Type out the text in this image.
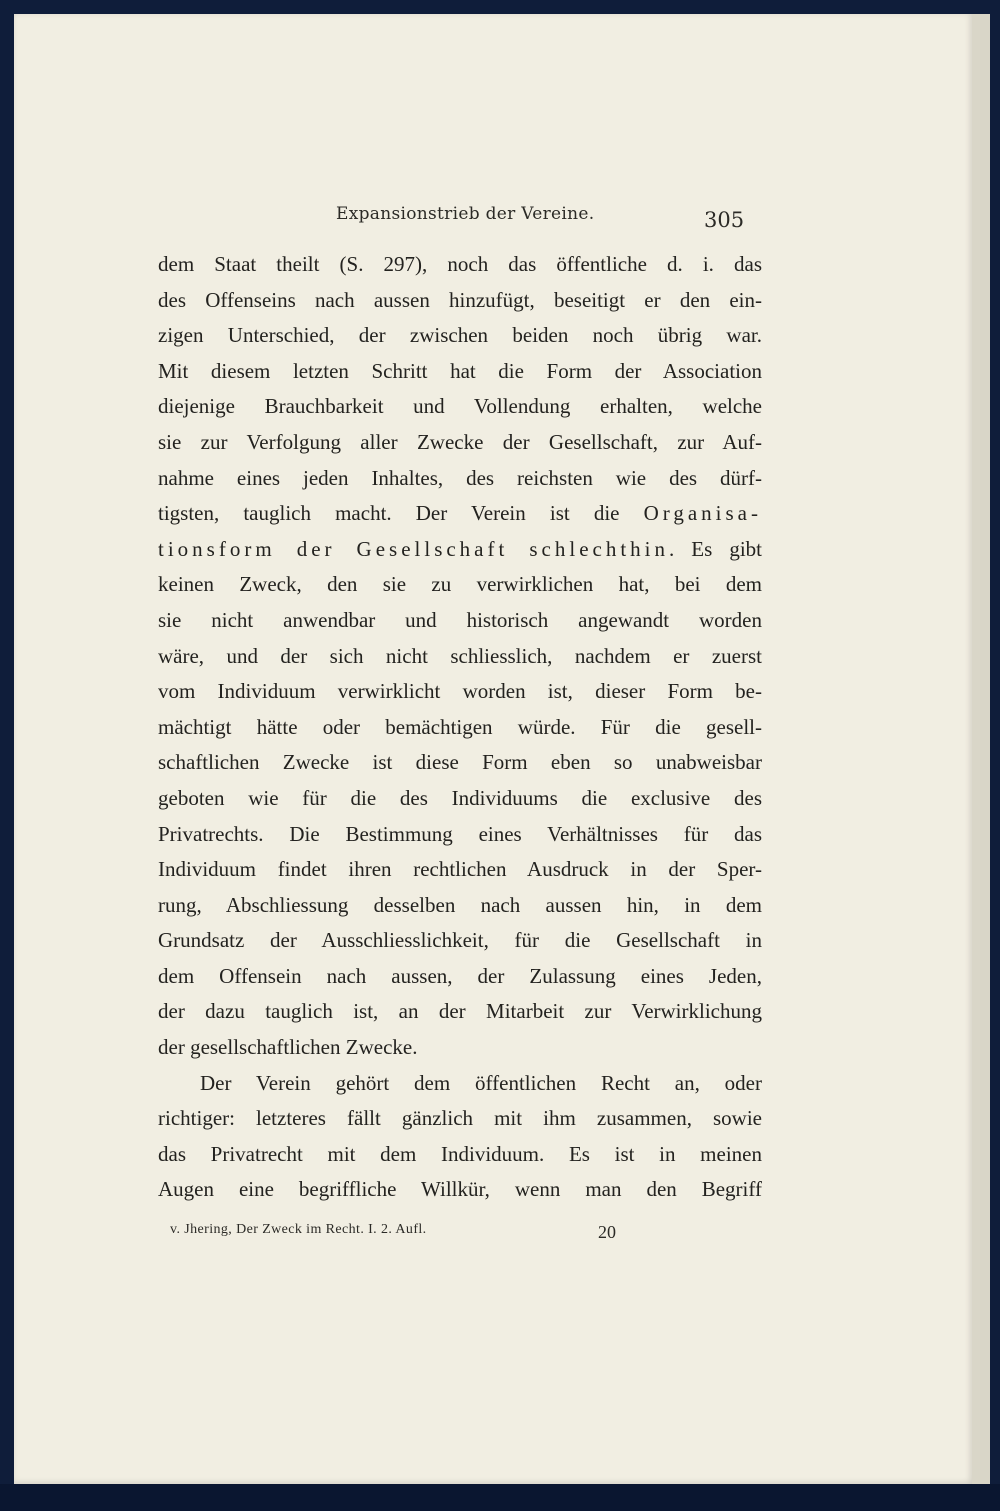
Expansionstrieb der Vereine.	305
dem Staat theilt (S. 297), noch das öffentliche d. i. das
des Offenseins nach aussen hinzufügt, beseitigt er den ein-
zigen Unterschied, der zwischen beiden noch übrig war.
Mit diesem letzten Schritt hat die Form der Association
diejenige Brauchbarkeit und Vollendung erhalten, welche
sie zur Verfolgung aller Zwecke der Gesellschaft, zur Auf-
nahme eines jeden Inhaltes, des reichsten wie des dürf-
tigsten, tauglich macht. Der Verein ist die Organisa-
tionsform der Gesellschaft schlechthin. Es gibt
keinen Zweck, den sie zu verwirklichen hat, bei dem
sie nicht anwendbar und historisch angewandt worden
wäre, und der sich nicht schliesslich, nachdem er zuerst
vom Individuum verwirklicht worden ist, dieser Form be-
mächtigt hätte oder bemächtigen würde. Für die gesell-
schaftlichen Zwecke ist diese Form eben so unabweisbar
geboten wie für die des Individuums die exclusive des
Privatrechts. Die Bestimmung eines Verhältnisses für das
Individuum findet ihren rechtlichen Ausdruck in der Sper-
rung, Abschliessung desselben nach aussen hin, in dem
Grundsatz der Ausschliesslichkeit, für die Gesellschaft in
dem Offensein nach aussen, der Zulassung eines Jeden,
der dazu tauglich ist, an der Mitarbeit zur Verwirklichung
der gesellschaftlichen Zwecke.
Der Verein gehört dem öffentlichen Recht an, oder
richtiger: letzteres fällt gänzlich mit ihm zusammen, sowie
das Privatrecht mit dem Individuum. Es ist in meinen
Augen eine begriffliche Willkür, wenn man den Begriff
v. Jhering, Der Zweck im Recht. I. 2. Aufl.	20
